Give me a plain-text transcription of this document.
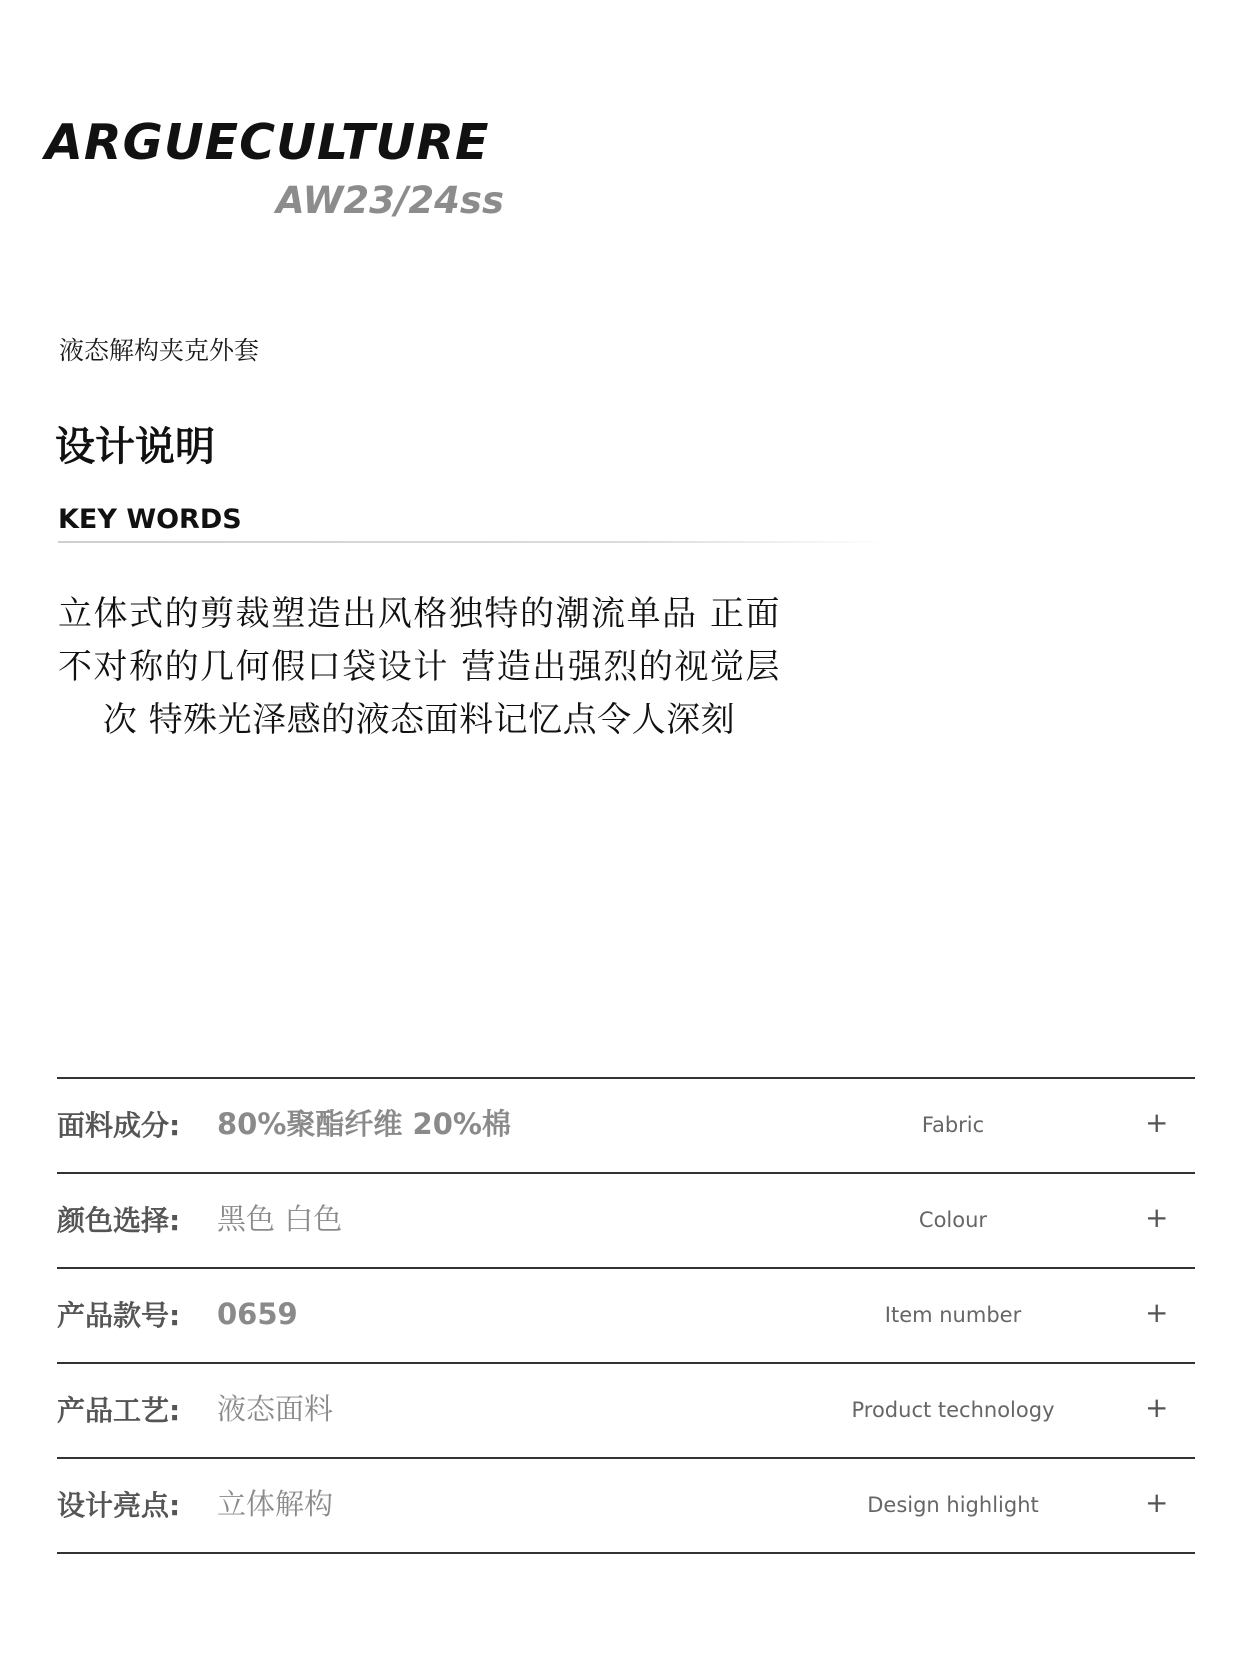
ARGUECULTURE
AW23/24ss
液态解构夹克外套
设计说明
KEY WORDS
立体式的剪裁塑造出风格独特的潮流单品 正面不对称的几何假口袋设计 营造出强烈的视觉层次 特殊光泽感的液态面料记忆点令人深刻
面料成分: 80%聚酯纤维 20%棉	Fabric	+
颜色选择: 黑色 白色	Colour	+
产品款号: 0659	Item number	+
产品工艺: 液态面料	Product technology	+
设计亮点: 立体解构	Design highlight	+
